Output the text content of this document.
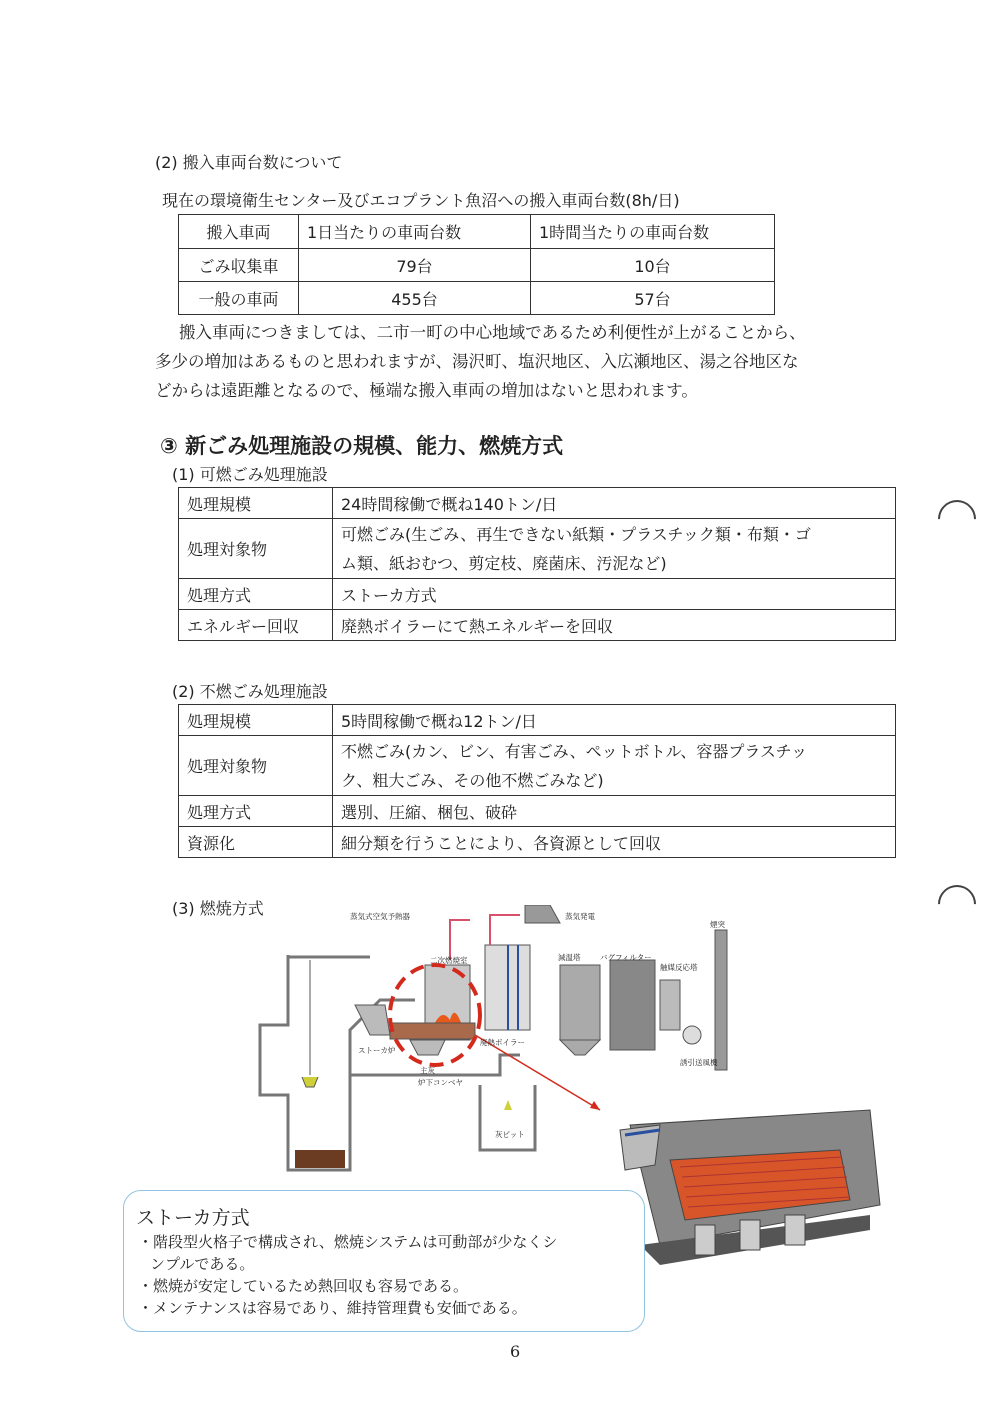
(2) 搬入車両台数について
現在の環境衛生センター及びエコプラント魚沼への搬入車両台数(8h/日)
搬入車両	1日当たりの車両台数	1時間当たりの車両台数
ごみ収集車	79台	10台
一般の車両	455台	57台
搬入車両につきましては、二市一町の中心地域であるため利便性が上がることから、
多少の増加はあるものと思われますが、湯沢町、塩沢地区、入広瀬地区、湯之谷地区な
どからは遠距離となるので、極端な搬入車両の増加はないと思われます。
③ 新ごみ処理施設の規模、能力、燃焼方式
(1) 可燃ごみ処理施設
処理規模	24時間稼働で概ね140トン/日
処理対象物	可燃ごみ(生ごみ、再生できない紙類・プラスチック類・布類・ゴ
ム類、紙おむつ、剪定枝、廃菌床、汚泥など)

処理方式	ストーカ方式
エネルギー回収	廃熱ボイラーにて熱エネルギーを回収
(2) 不燃ごみ処理施設
処理規模	5時間稼働で概ね12トン/日
処理対象物	不燃ごみ(カン、ビン、有害ごみ、ペットボトル、容器プラスチッ
ク、粗大ごみ、その他不燃ごみなど)

処理方式	選別、圧縮、梱包、破砕
資源化	細分類を行うことにより、各資源として回収
(3) 燃焼方式	蒸気式空気予熱器	蒸気発電
煙突
二次燃焼室	減温塔	バグフィルター
触媒反応塔
ストーカ炉
廃熱ボイラー
誘引送風機
主灰
炉下コンベヤ
灰ピット
ストーカ方式
・階段型火格子で構成され、燃焼システムは可動部が少なくシ
ンプルである。
・燃焼が安定しているため熱回収も容易である。
・メンテナンスは容易であり、維持管理費も安価である。
6
